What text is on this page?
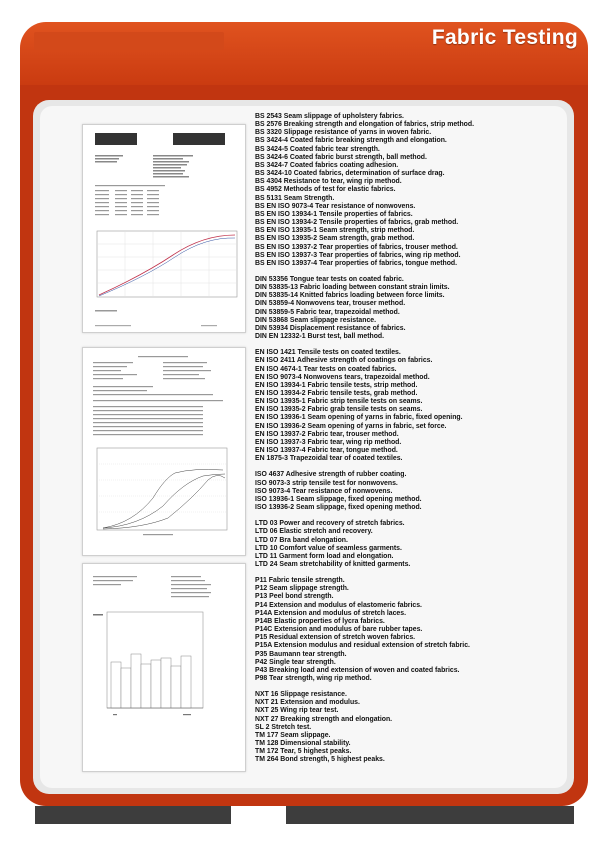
Fabric Testing
BS 2543 Seam slippage of upholstery fabrics.
BS 2576 Breaking strength and elongation of fabrics, strip method.
BS 3320 Slippage resistance of yarns in woven fabric.
BS 3424-4 Coated fabric breaking strength and elongation.
BS 3424-5 Coated fabric tear strength.
BS 3424-6 Coated fabric burst strength, ball method.
BS 3424-7 Coated fabrics coating adhesion.
BS 3424-10 Coated fabrics, determination of surface drag.
BS 4304 Resistance to tear, wing rip method.
BS 4952 Methods of test for elastic fabrics.
BS 5131 Seam Strength.
BS EN ISO 9073-4 Tear resistance of nonwovens.
BS EN ISO 13934-1 Tensile properties of fabrics.
BS EN ISO 13934-2 Tensile properties of fabrics, grab method.
BS EN ISO 13935-1 Seam strength, strip method.
BS EN ISO 13935-2 Seam strength, grab method.
BS EN ISO 13937-2 Tear properties of fabrics, trouser method.
BS EN ISO 13937-3 Tear properties of fabrics, wing rip method.
BS EN ISO 13937-4 Tear properties of fabrics, tongue method.
DIN 53356 Tongue tear tests on coated fabric.
DIN 53835-13 Fabric loading between constant strain limits.
DIN 53835-14 Knitted fabrics loading between force limits.
DIN 53859-4 Nonwovens tear, trouser method.
DIN 53859-5 Fabric tear, trapezoidal method.
DIN 53868 Seam slippage resistance.
DIN 53934 Displacement resistance of fabrics.
DIN EN 12332-1 Burst test, ball method.
EN ISO 1421 Tensile tests on coated textiles.
EN ISO 2411 Adhesive strength of coatings on fabrics.
EN ISO 4674-1 Tear tests on coated fabrics.
EN ISO 9073-4 Nonwovens tears, trapezoidal method.
EN ISO 13934-1 Fabric tensile tests, strip method.
EN ISO 13934-2 Fabric tensile tests, grab method.
EN ISO 13935-1 Fabric strip tensile tests on seams.
EN ISO 13935-2 Fabric grab tensile tests on seams.
EN ISO 13936-1 Seam opening of yarns in fabric, fixed opening.
EN ISO 13936-2 Seam opening of yarns in fabric, set force.
EN ISO 13937-2 Fabric tear, trouser method.
EN ISO 13937-3 Fabric tear, wing rip method.
EN ISO 13937-4 Fabric tear, tongue method.
EN 1875-3 Trapezoidal tear of coated textiles.
ISO 4637 Adhesive strength of rubber coating.
ISO 9073-3 strip tensile test for nonwovens.
ISO 9073-4 Tear resistance of nonwovens.
ISO 13936-1 Seam slippage, fixed opening method.
ISO 13936-2 Seam slippage, fixed opening method.
LTD 03 Power and recovery of stretch fabrics.
LTD 06 Elastic stretch and recovery.
LTD 07 Bra band elongation.
LTD 10 Comfort value of seamless garments.
LTD 11 Garment form load and elongation.
LTD 24 Seam stretchability of knitted garments.
P11 Fabric tensile strength.
P12 Seam slippage strength.
P13 Peel bond strength.
P14 Extension and modulus of elastomeric fabrics.
P14A Extension and modulus of stretch laces.
P14B Elastic properties of lycra fabrics.
P14C Extension and modulus of bare rubber tapes.
P15 Residual extension of stretch woven fabrics.
P15A Extension modulus and residual extension of stretch fabric.
P35 Baumann tear strength.
P42 Single tear strength.
P43 Breaking load and extension of woven and coated fabrics.
P98 Tear strength, wing rip method.
NXT 16 Slippage resistance.
NXT 21 Extension and modulus.
NXT 25 Wing rip tear test.
NXT 27 Breaking strength and elongation.
SL 2 Stretch test.
TM 177 Seam slippage.
TM 128 Dimensional stability.
TM 172 Tear, 5 highest peaks.
TM 264 Bond strength, 5 highest peaks.
